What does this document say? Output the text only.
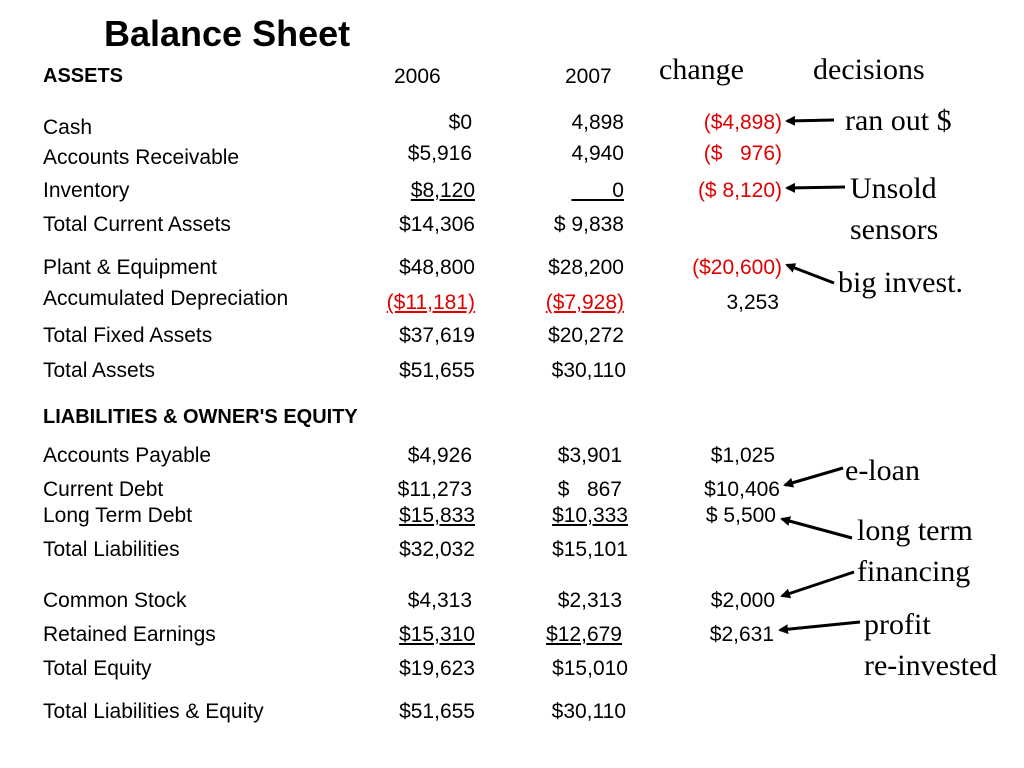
Balance Sheet
ASSETS	2006	2007 change decisions
Cash
Accounts Receivable
Inventory
Total Current Assets
Plant & Equipment
Accumulated Depreciation
Total Fixed Assets
Total Assets
LIABILITIES & OWNER'S EQUITY
Accounts Payable
Current Debt
Long Term Debt
Total Liabilities
Common Stock
Retained Earnings
Total Equity
Total Liabilities & Equity
$0
$5,916
$8,120
$14,306
$48,800
($11,181)
$37,619
$51,655
$4,926
$11,273
$15,833
$32,032
$4,313
$15,310
$19,623
$51,655
4,898
4,940
0
$ 9,838
$28,200
($7,928)
$20,272
$30,110
$3,901
$   867
$10,333
$15,101
$2,313
$12,679
$15,010
$30,110
($4,898)
($   976)
($ 8,120)
($20,600)
3,253
$1,025
$10,406
$ 5,500
$2,000
$2,631
ran out $
Unsold
sensors
big invest.
e-loan
long term
financing
profit
re-invested
